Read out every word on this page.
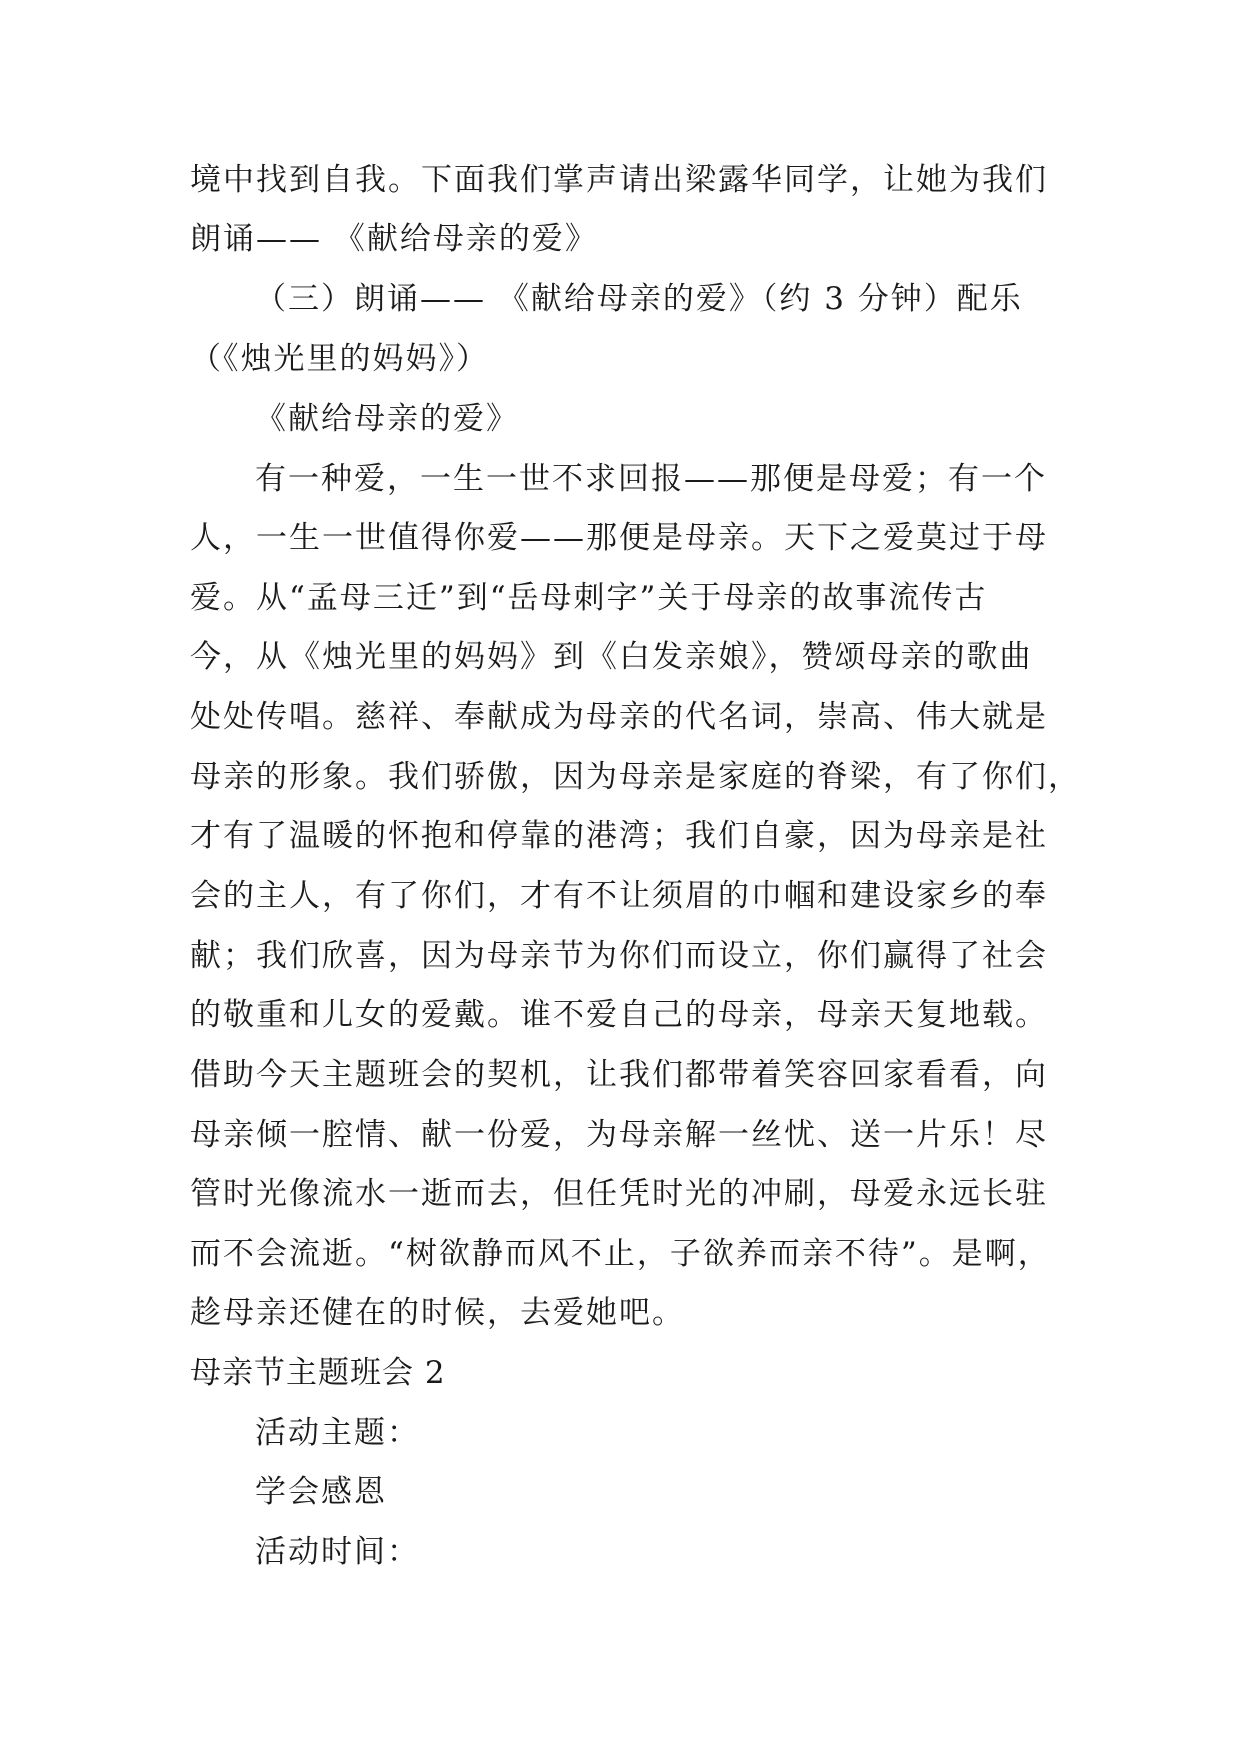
境中找到自我。下面我们掌声请出梁露华同学，让她为我们
朗诵—— 《献给母亲的爱》
（三）朗诵—— 《献给母亲的爱》（约 3 分钟）配乐
（《烛光里的妈妈》）
《献给母亲的爱》
有一种爱，一生一世不求回报——那便是母爱；有一个
人，一生一世值得你爱——那便是母亲。天下之爱莫过于母
爱。从“孟母三迁”到“岳母刺字”关于母亲的故事流传古
今，从《烛光里的妈妈》到《白发亲娘》，赞颂母亲的歌曲
处处传唱。慈祥、奉献成为母亲的代名词，崇高、伟大就是
母亲的形象。我们骄傲，因为母亲是家庭的脊梁，有了你们，
才有了温暖的怀抱和停靠的港湾；我们自豪，因为母亲是社
会的主人，有了你们，才有不让须眉的巾帼和建设家乡的奉
献；我们欣喜，因为母亲节为你们而设立，你们赢得了社会
的敬重和儿女的爱戴。谁不爱自己的母亲，母亲天复地载。
借助今天主题班会的契机，让我们都带着笑容回家看看，向
母亲倾一腔情、献一份爱，为母亲解一丝忧、送一片乐！尽
管时光像流水一逝而去，但任凭时光的冲刷，母爱永远长驻
而不会流逝。“树欲静而风不止，子欲养而亲不待”。是啊，
趁母亲还健在的时候，去爱她吧。
母亲节主题班会 2
活动主题：
学会感恩
活动时间：
